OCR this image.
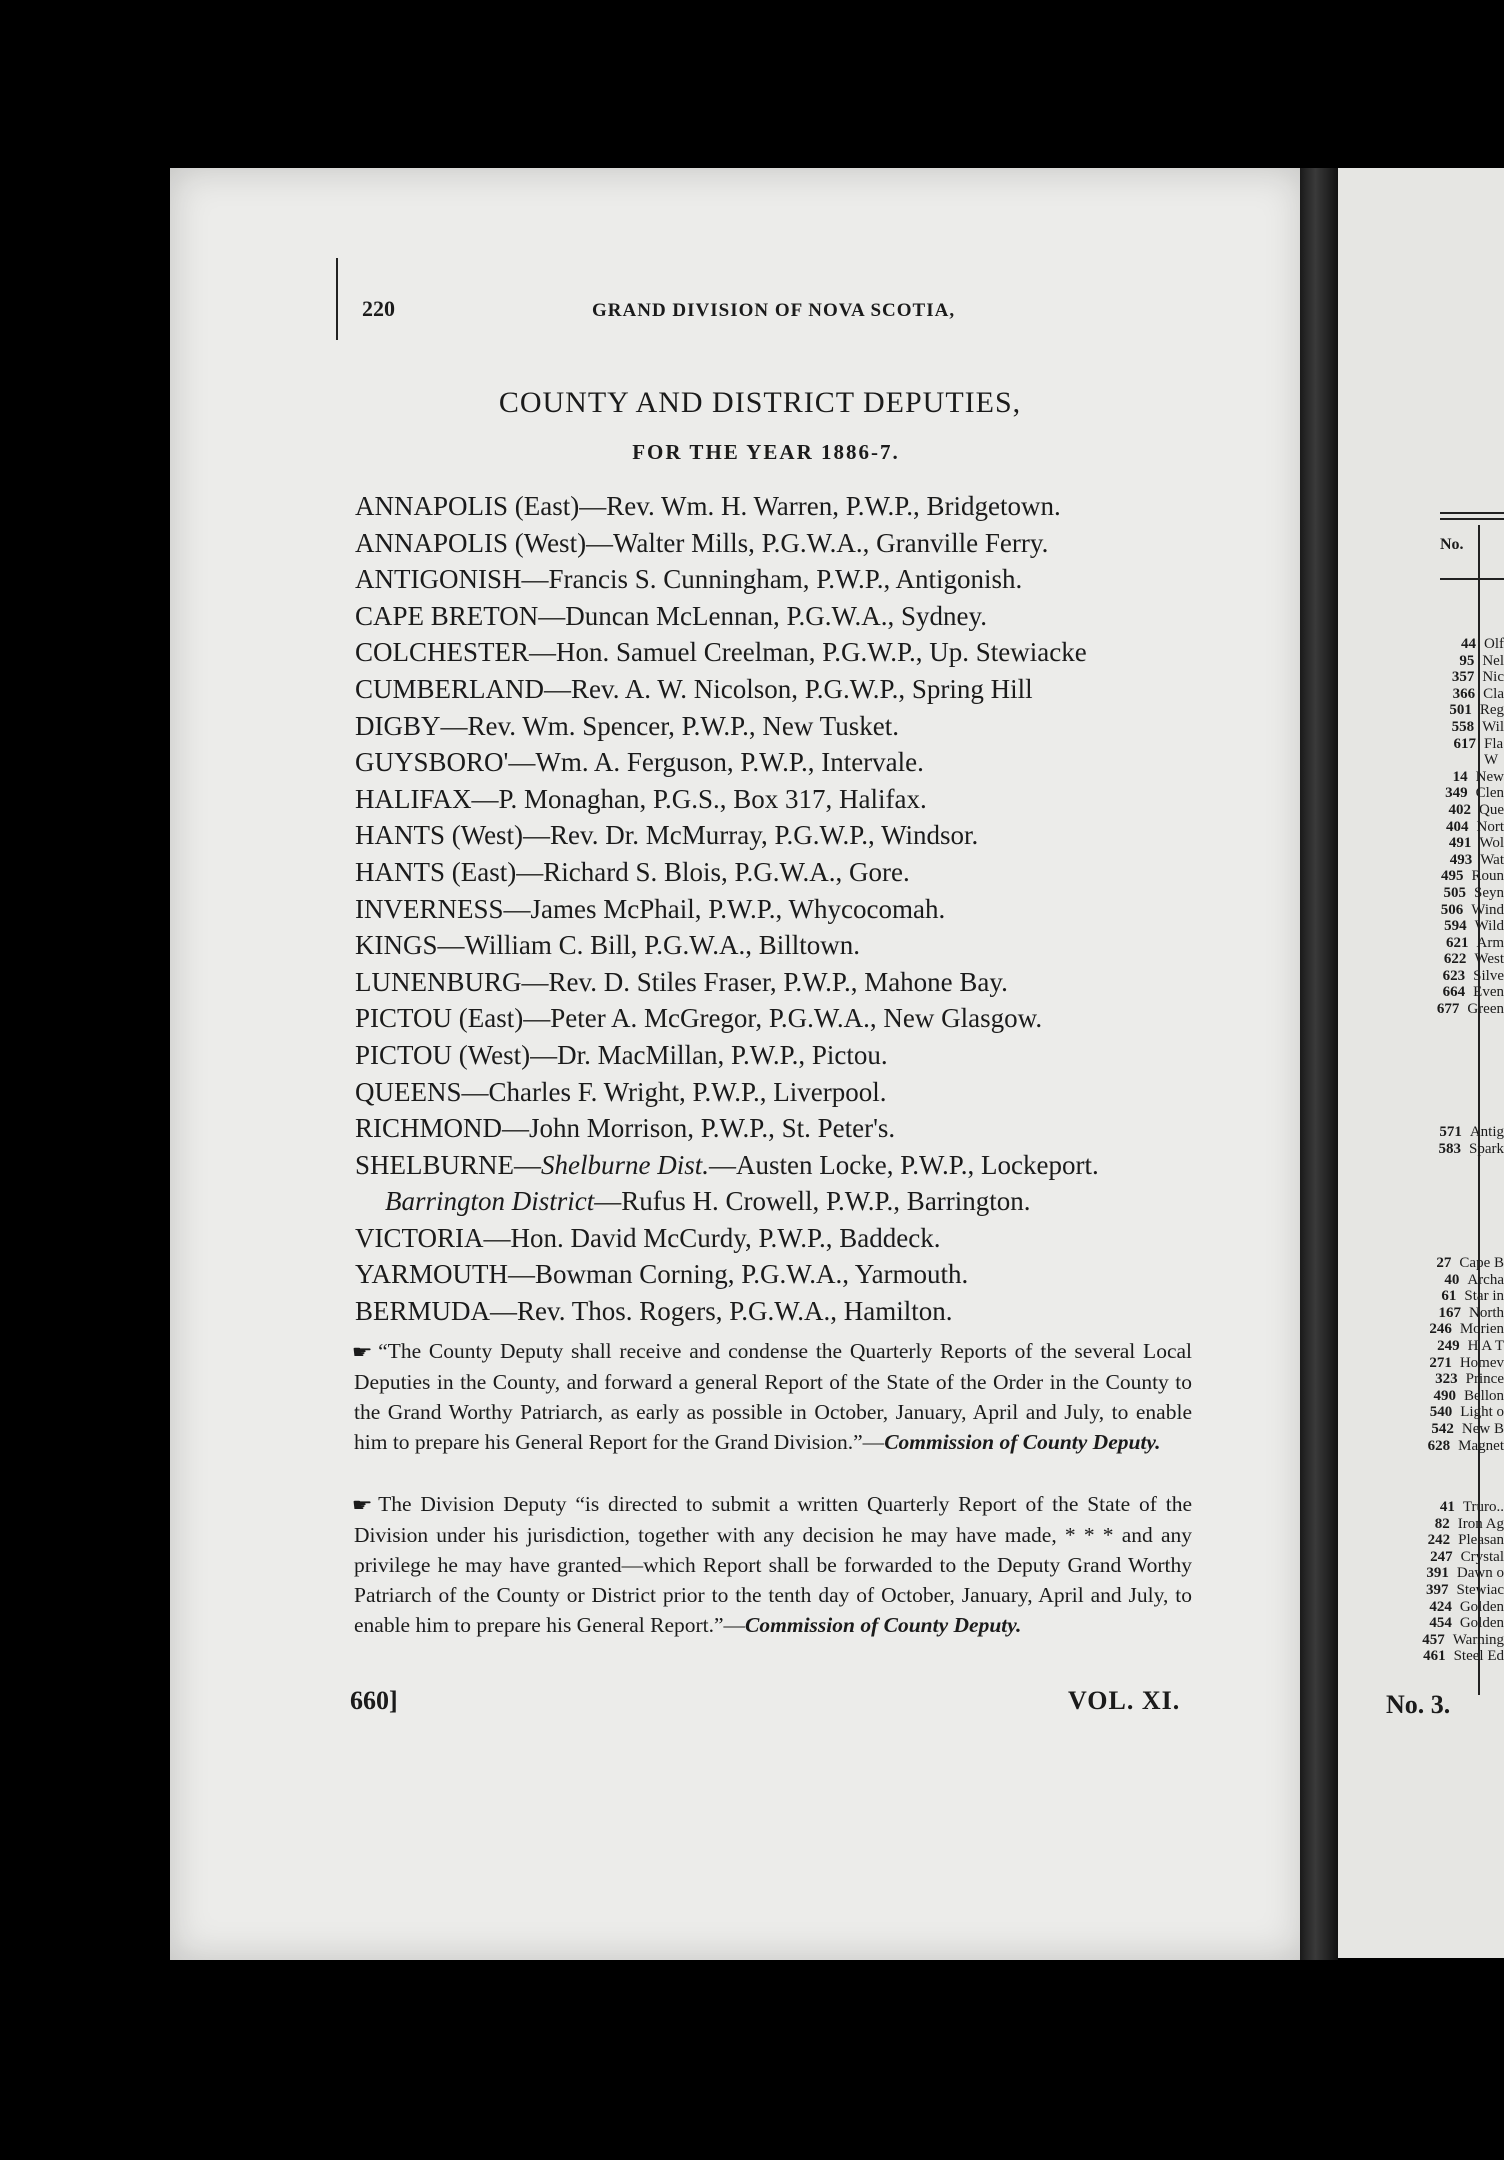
220	GRAND DIVISION OF NOVA SCOTIA,
COUNTY AND DISTRICT DEPUTIES,
FOR THE YEAR 1886-7.
ANNAPOLIS (East)—Rev. Wm. H. Warren, P.W.P., Bridgetown.
ANNAPOLIS (West)—Walter Mills, P.G.W.A., Granville Ferry.
ANTIGONISH—Francis S. Cunningham, P.W.P., Antigonish.
CAPE BRETON—Duncan McLennan, P.G.W.A., Sydney.
COLCHESTER—Hon. Samuel Creelman, P.G.W.P., Up. Stewiacke
CUMBERLAND—Rev. A. W. Nicolson, P.G.W.P., Spring Hill
DIGBY—Rev. Wm. Spencer, P.W.P., New Tusket.
GUYSBORO'—Wm. A. Ferguson, P.W.P., Intervale.
HALIFAX—P. Monaghan, P.G.S., Box 317, Halifax.
HANTS (West)—Rev. Dr. McMurray, P.G.W.P., Windsor.
HANTS (East)—Richard S. Blois, P.G.W.A., Gore.
INVERNESS—James McPhail, P.W.P., Whycocomah.
KINGS—William C. Bill, P.G.W.A., Billtown.
LUNENBURG—Rev. D. Stiles Fraser, P.W.P., Mahone Bay.
PICTOU (East)—Peter A. McGregor, P.G.W.A., New Glasgow.
PICTOU (West)—Dr. MacMillan, P.W.P., Pictou.
QUEENS—Charles F. Wright, P.W.P., Liverpool.
RICHMOND—John Morrison, P.W.P., St. Peter's.
SHELBURNE—Shelburne Dist.—Austen Locke, P.W.P., Lockeport.
Barrington District—Rufus H. Crowell, P.W.P., Barrington.
VICTORIA—Hon. David McCurdy, P.W.P., Baddeck.
YARMOUTH—Bowman Corning, P.G.W.A., Yarmouth.
BERMUDA—Rev. Thos. Rogers, P.G.W.A., Hamilton.
☛ “The County Deputy shall receive and condense the Quarterly Reports of the several Local Deputies in the County, and forward a general Report of the State of the Order in the County to the Grand Worthy Patriarch, as early as possible in October, January, April and July, to enable him to prepare his General Report for the Grand Division.”—Commission of County Deputy.
☛ The Division Deputy “is directed to submit a written Quarterly Report of the State of the Division under his jurisdiction, together with any decision he may have made, * * * and any privilege he may have granted—which Report shall be forwarded to the Deputy Grand Worthy Patriarch of the County or District prior to the tenth day of October, January, April and July, to enable him to prepare his General Report.”—Commission of County Deputy.
660]	VOL. XI.
No.
44 Olf
95 Nel
357 Nic
366 Cla
501 Reg
558 Wil
617 Fla
W
14 New
349 Clen
402 Que
404 Nort
491 Wol
493 Wat
495 Roun
505 Seyn
506 Wind
594 Wild
621 Arm
622 West
623 Silve
664 Even
677 Green
571 Antig
583 Spark
27 Cape B
40 Archa
61 Star in
167 North
246 Morien
249 H A T
271 Homev
323 Prince
490 Bellon
540 Light o
542 New B
628 Magnet
41 Truro..
82 Iron Ag
242 Pleasan
247 Crystal
391 Dawn o
397 Stewiac
424 Golden
454 Golden
457 Warning
461 Steel Ed
No. 3.
